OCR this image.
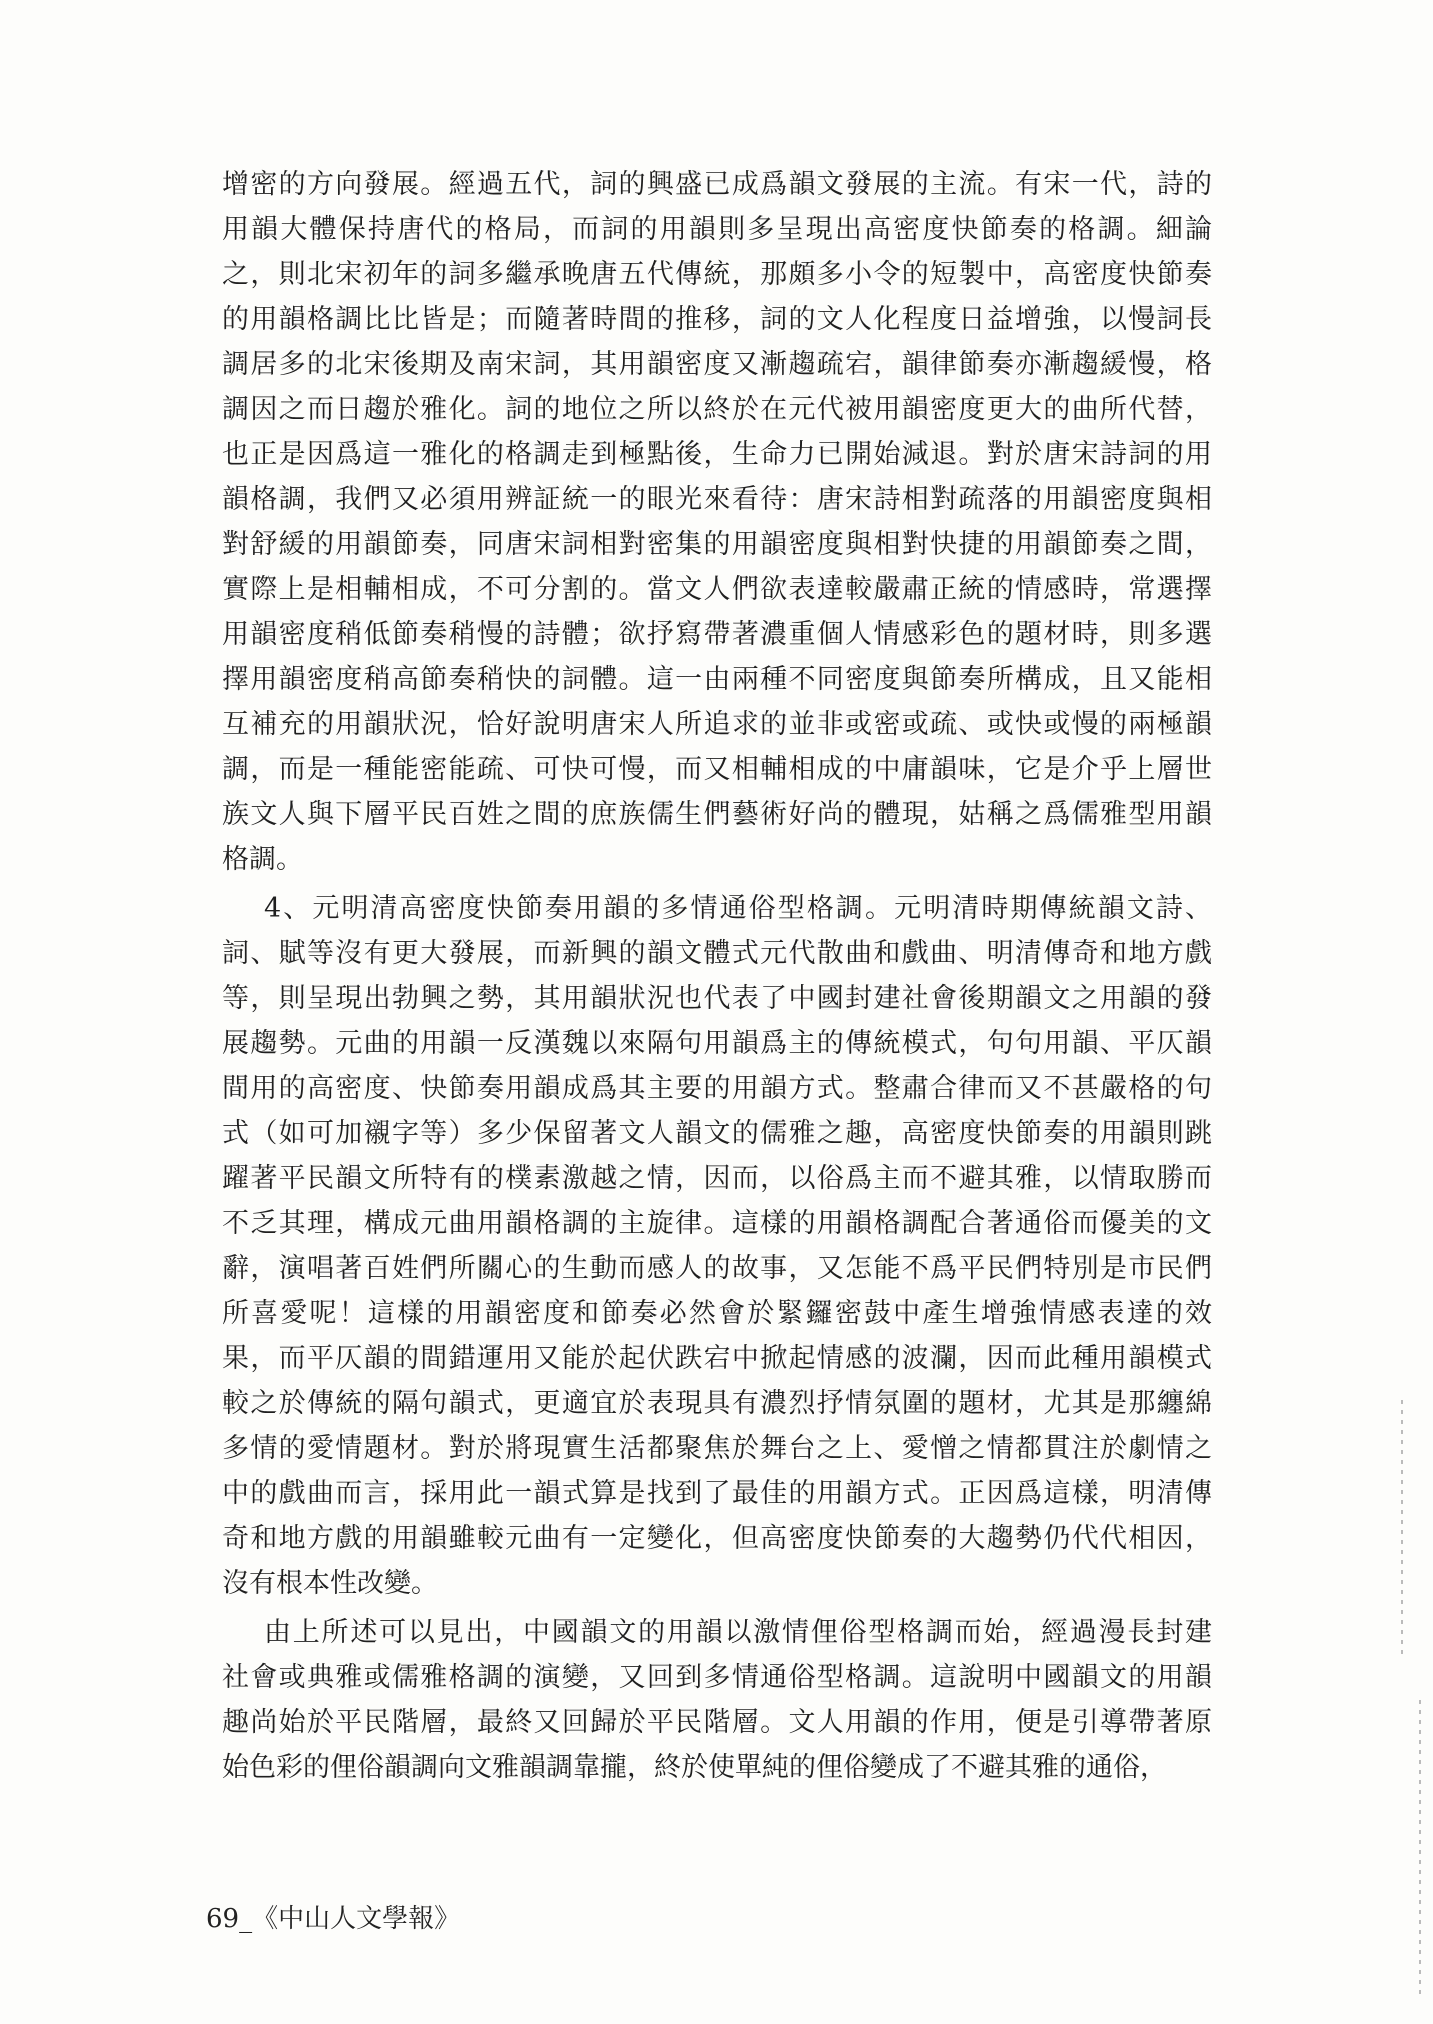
增密的方向發展。經過五代，詞的興盛已成爲韻文發展的主流。有宋一代，詩的
用韻大體保持唐代的格局，而詞的用韻則多呈現出高密度快節奏的格調。細論
之，則北宋初年的詞多繼承晚唐五代傳統，那頗多小令的短製中，高密度快節奏
的用韻格調比比皆是；而隨著時間的推移，詞的文人化程度日益增強，以慢詞長
調居多的北宋後期及南宋詞，其用韻密度又漸趨疏宕，韻律節奏亦漸趨緩慢，格
調因之而日趨於雅化。詞的地位之所以終於在元代被用韻密度更大的曲所代替，
也正是因爲這一雅化的格調走到極點後，生命力已開始減退。對於唐宋詩詞的用
韻格調，我們又必須用辨証統一的眼光來看待：唐宋詩相對疏落的用韻密度與相
對舒緩的用韻節奏，同唐宋詞相對密集的用韻密度與相對快捷的用韻節奏之間，
實際上是相輔相成，不可分割的。當文人們欲表達較嚴肅正統的情感時，常選擇
用韻密度稍低節奏稍慢的詩體；欲抒寫帶著濃重個人情感彩色的題材時，則多選
擇用韻密度稍高節奏稍快的詞體。這一由兩種不同密度與節奏所構成，且又能相
互補充的用韻狀況，恰好說明唐宋人所追求的並非或密或疏、或快或慢的兩極韻
調，而是一種能密能疏、可快可慢，而又相輔相成的中庸韻味，它是介乎上層世
族文人與下層平民百姓之間的庶族儒生們藝術好尚的體現，姑稱之爲儒雅型用韻
格調。
4、元明清高密度快節奏用韻的多情通俗型格調。元明清時期傳統韻文詩、
詞、賦等沒有更大發展，而新興的韻文體式元代散曲和戲曲、明清傳奇和地方戲
等，則呈現出勃興之勢，其用韻狀況也代表了中國封建社會後期韻文之用韻的發
展趨勢。元曲的用韻一反漢魏以來隔句用韻爲主的傳統模式，句句用韻、平仄韻
間用的高密度、快節奏用韻成爲其主要的用韻方式。整肅合律而又不甚嚴格的句
式（如可加襯字等）多少保留著文人韻文的儒雅之趣，高密度快節奏的用韻則跳
躍著平民韻文所特有的樸素激越之情，因而，以俗爲主而不避其雅，以情取勝而
不乏其理，構成元曲用韻格調的主旋律。這樣的用韻格調配合著通俗而優美的文
辭，演唱著百姓們所關心的生動而感人的故事，又怎能不爲平民們特別是市民們
所喜愛呢！這樣的用韻密度和節奏必然會於緊鑼密鼓中產生增強情感表達的效
果，而平仄韻的間錯運用又能於起伏跌宕中掀起情感的波瀾，因而此種用韻模式
較之於傳統的隔句韻式，更適宜於表現具有濃烈抒情氛圍的題材，尤其是那纏綿
多情的愛情題材。對於將現實生活都聚焦於舞台之上、愛憎之情都貫注於劇情之
中的戲曲而言，採用此一韻式算是找到了最佳的用韻方式。正因爲這樣，明清傳
奇和地方戲的用韻雖較元曲有一定變化，但高密度快節奏的大趨勢仍代代相因，
沒有根本性改變。
由上所述可以見出，中國韻文的用韻以激情俚俗型格調而始，經過漫長封建
社會或典雅或儒雅格調的演變，又回到多情通俗型格調。這說明中國韻文的用韻
趣尚始於平民階層，最終又回歸於平民階層。文人用韻的作用，便是引導帶著原
始色彩的俚俗韻調向文雅韻調靠攏，終於使單純的俚俗變成了不避其雅的通俗，
69_《中山人文學報》
